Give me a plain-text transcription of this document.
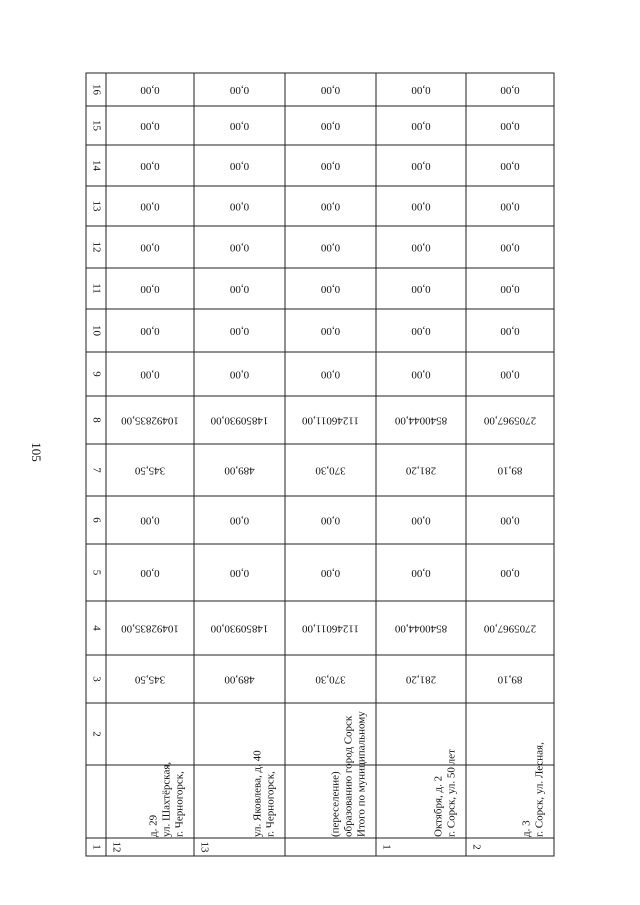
105
1
2
3
4
5
6
7
8
9
10
11
12
13
14
15
16
12
г. Черногорск,
ул. Шахтёрская,
д. 29
345,50
10492835,00
0,00
0,00
345,50
10492835,00
0,00
0,00
0,00
0,00
0,00
0,00
0,00
0,00
13
г. Черногорск,
ул. Яковлева, д. 40
489,00
14850930,00
0,00
0,00
489,00
14850930,00
0,00
0,00
0,00
0,00
0,00
0,00
0,00
0,00
Итого по муниципальному
образованию город Сорск
(переселение)
370,30
11246011,00
0,00
0,00
370,30
11246011,00
0,00
0,00
0,00
0,00
0,00
0,00
0,00
0,00
1
г. Сорск, ул. 50 лет
Октября, д. 2
281,20
8540044,00
0,00
0,00
281,20
8540044,00
0,00
0,00
0,00
0,00
0,00
0,00
0,00
0,00
2
г. Сорск, ул. Лесная,
д. 3
89,10
2705967,00
0,00
0,00
89,10
2705967,00
0,00
0,00
0,00
0,00
0,00
0,00
0,00
0,00
